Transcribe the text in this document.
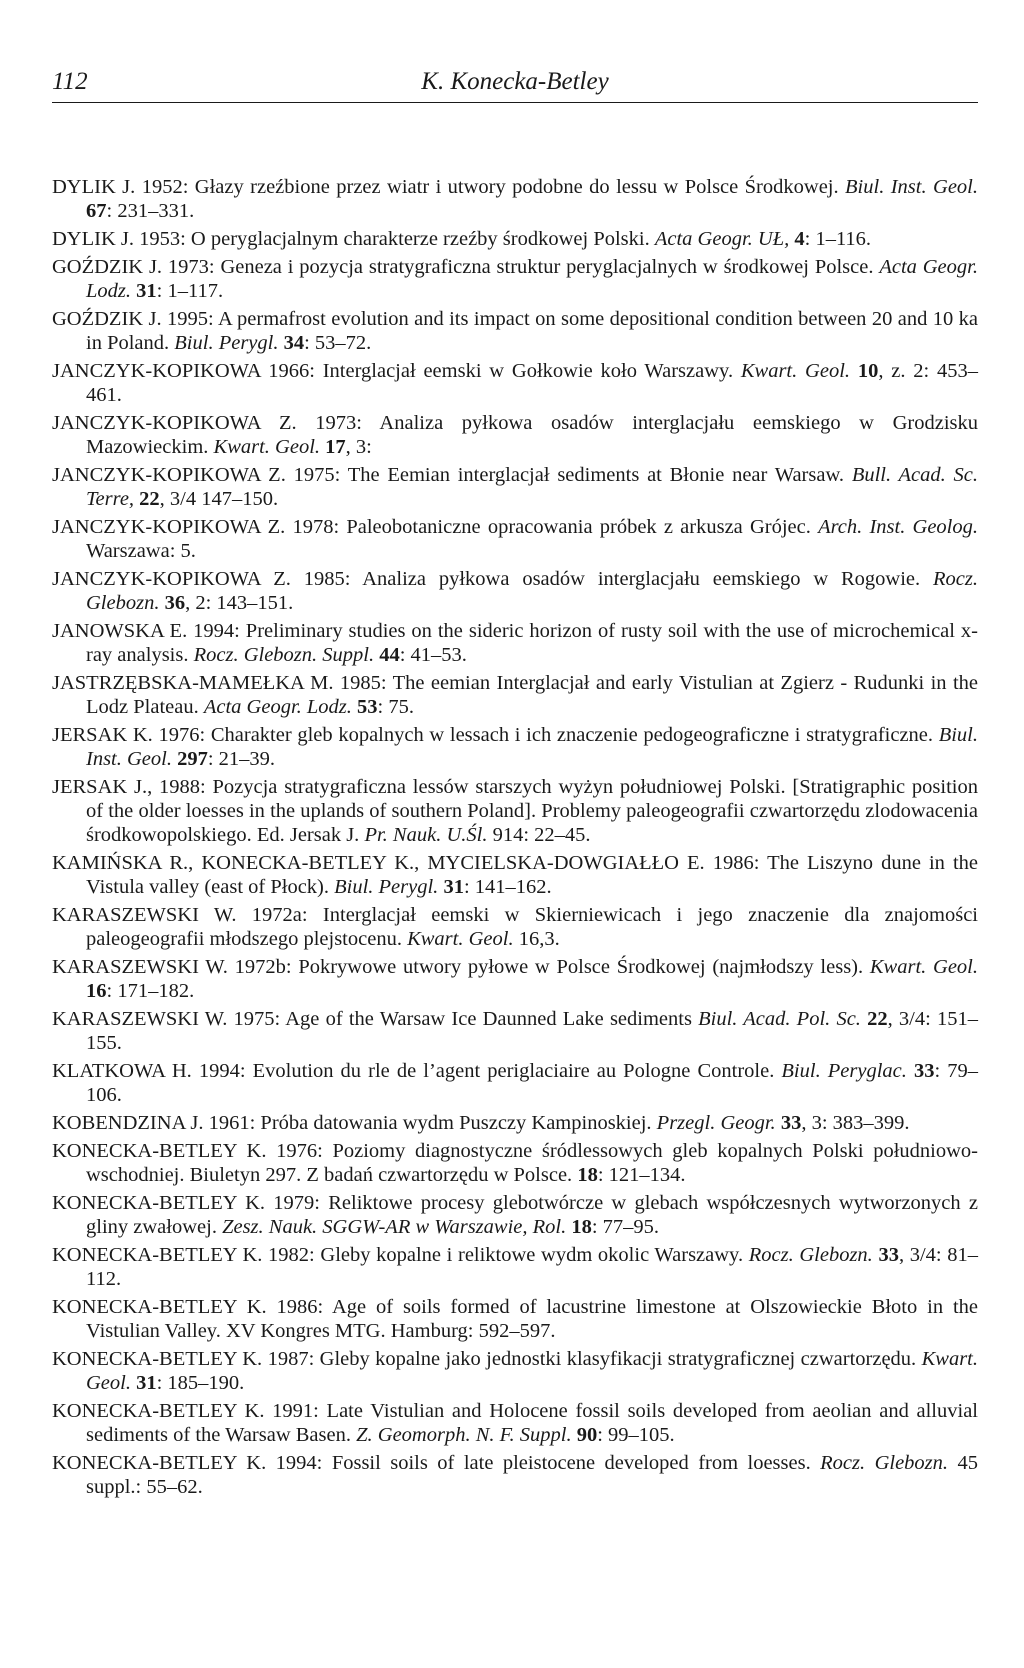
112	K. Konecka-Betley

DYLIK J. 1952: Głazy rzeźbione przez wiatr i utwory podobne do lessu w Polsce Środkowej. Biul. Inst. Geol. 67: 231–331.

DYLIK J. 1953: O peryglacjalnym charakterze rzeźby środkowej Polski. Acta Geogr. UŁ, 4: 1–116.

GOŹDZIK J. 1973: Geneza i pozycja stratygraficzna struktur peryglacjalnych w środkowej Polsce. Acta Geogr. Lodz. 31: 1–117.

GOŹDZIK J. 1995: A permafrost evolution and its impact on some depositional condition between 20 and 10 ka in Poland. Biul. Perygl. 34: 53–72.

JANCZYK-KOPIKOWA 1966: Interglacjał eemski w Gołkowie koło Warszawy. Kwart. Geol. 10, z. 2: 453–461.

JANCZYK-KOPIKOWA Z. 1973: Analiza pyłkowa osadów interglacjału eemskiego w Grodzisku Mazowieckim. Kwart. Geol. 17, 3:

JANCZYK-KOPIKOWA Z. 1975: The Eemian interglacjał sediments at Błonie near Warsaw. Bull. Acad. Sc. Terre, 22, 3/4 147–150.

JANCZYK-KOPIKOWA Z. 1978: Paleobotaniczne opracowania próbek z arkusza Grójec. Arch. Inst. Geolog. Warszawa: 5.

JANCZYK-KOPIKOWA Z. 1985: Analiza pyłkowa osadów interglacjału eemskiego w Rogowie. Rocz. Glebozn. 36, 2: 143–151.

JANOWSKA E. 1994: Preliminary studies on the sideric horizon of rusty soil with the use of microchemical x-ray analysis. Rocz. Glebozn. Suppl. 44: 41–53.

JASTRZĘBSKA-MAMEŁKA M. 1985: The eemian Interglacjał and early Vistulian at Zgierz - Rudunki in the Lodz Plateau. Acta Geogr. Lodz. 53: 75.

JERSAK K. 1976: Charakter gleb kopalnych w lessach i ich znaczenie pedogeograficzne i stratygraficzne. Biul. Inst. Geol. 297: 21–39.

JERSAK J., 1988: Pozycja stratygraficzna lessów starszych wyżyn południowej Polski. [Stratigraphic position of the older loesses in the uplands of southern Poland]. Problemy paleogeografii czwartorzędu zlodowacenia środkowopolskiego. Ed. Jersak J. Pr. Nauk. U.Śl. 914: 22–45.

KAMIŃSKA R., KONECKA-BETLEY K., MYCIELSKA-DOWGIAŁŁO E. 1986: The Liszyno dune in the Vistula valley (east of Płock). Biul. Perygl. 31: 141–162.

KARASZEWSKI W. 1972a: Interglacjał eemski w Skierniewicach i jego znaczenie dla znajomości paleogeografii młodszego plejstocenu. Kwart. Geol. 16,3.

KARASZEWSKI W. 1972b: Pokrywowe utwory pyłowe w Polsce Środkowej (najmłodszy less). Kwart. Geol. 16: 171–182.

KARASZEWSKI W. 1975: Age of the Warsaw Ice Daunned Lake sediments Biul. Acad. Pol. Sc. 22, 3/4: 151–155.

KLATKOWA H. 1994: Evolution du rle de l’agent periglaciaire au Pologne Controle. Biul. Peryglac. 33: 79–106.

KOBENDZINA J. 1961: Próba datowania wydm Puszczy Kampinoskiej. Przegl. Geogr. 33, 3: 383–399.

KONECKA-BETLEY K. 1976: Poziomy diagnostyczne śródlessowych gleb kopalnych Polski południowo-wschodniej. Biuletyn 297. Z badań czwartorzędu w Polsce. 18: 121–134.

KONECKA-BETLEY K. 1979: Reliktowe procesy glebotwórcze w glebach współczesnych wytworzonych z gliny zwałowej. Zesz. Nauk. SGGW-AR w Warszawie, Rol. 18: 77–95.

KONECKA-BETLEY K. 1982: Gleby kopalne i reliktowe wydm okolic Warszawy. Rocz. Glebozn. 33, 3/4: 81–112.

KONECKA-BETLEY K. 1986: Age of soils formed of lacustrine limestone at Olszowieckie Błoto in the Vistulian Valley. XV Kongres MTG. Hamburg: 592–597.

KONECKA-BETLEY K. 1987: Gleby kopalne jako jednostki klasyfikacji stratygraficznej czwartorzędu. Kwart. Geol. 31: 185–190.

KONECKA-BETLEY K. 1991: Late Vistulian and Holocene fossil soils developed from aeolian and alluvial sediments of the Warsaw Basen. Z. Geomorph. N. F. Suppl. 90: 99–105.

KONECKA-BETLEY K. 1994: Fossil soils of late pleistocene developed from loesses. Rocz. Glebozn. 45 suppl.: 55–62.
